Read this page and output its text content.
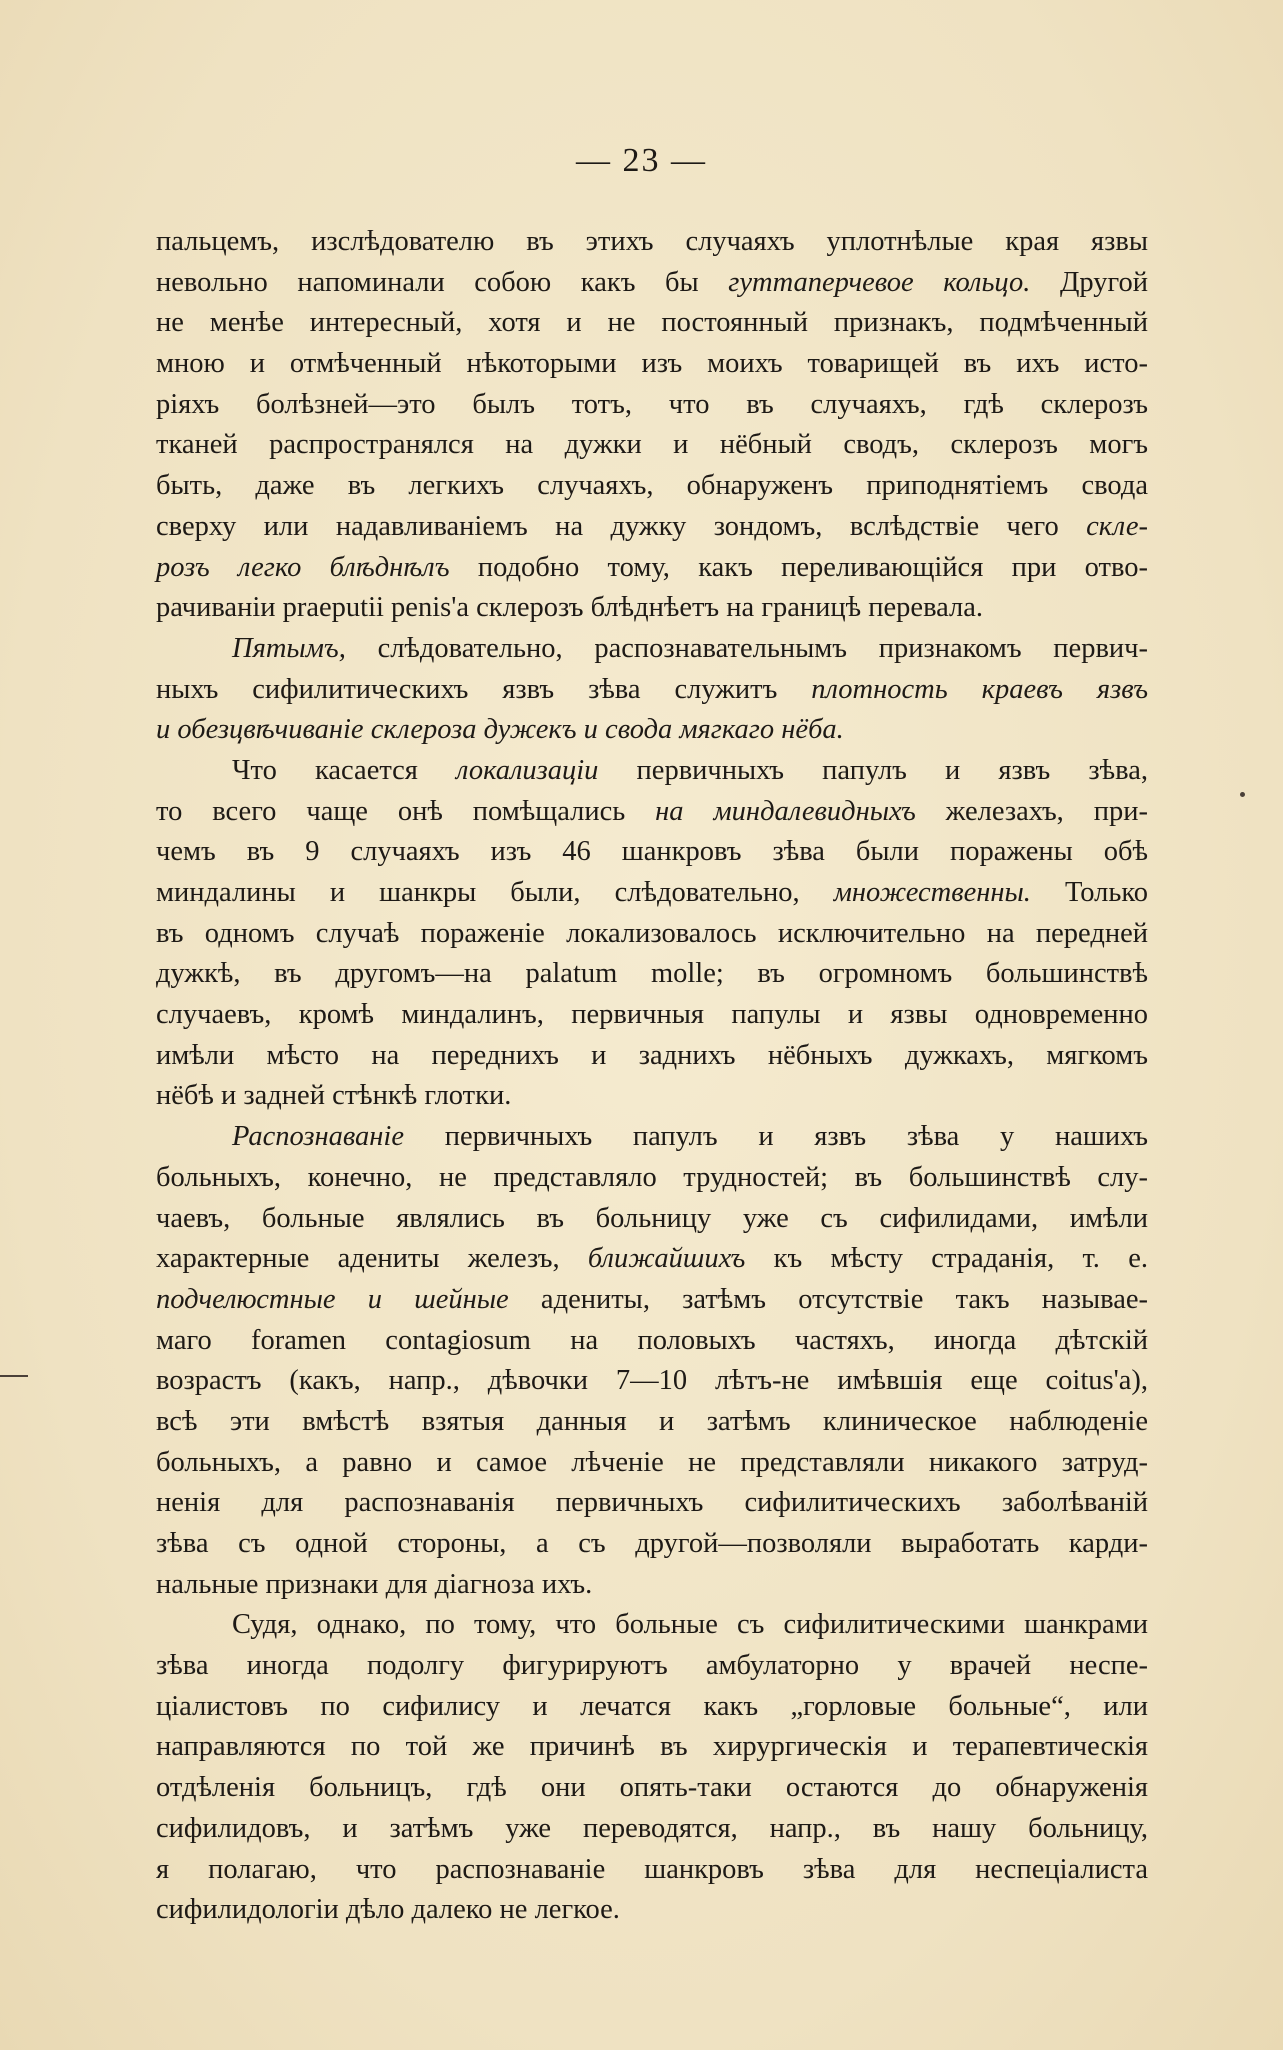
— 23 —
пальцемъ, изслѣдователю въ этихъ случаяхъ уплотнѣлые края язвы
невольно напоминали собою какъ бы гуттаперчевое кольцо. Другой
не менѣе интересный, хотя и не постоянный признакъ, подмѣченный
мною и отмѣченный нѣкоторыми изъ моихъ товарищей въ ихъ исто-
ріяхъ болѣзней—это былъ тотъ, что въ случаяхъ, гдѣ склерозъ
тканей распространялся на дужки и нёбный сводъ, склерозъ могъ
быть, даже въ легкихъ случаяхъ, обнаруженъ приподнятіемъ свода
сверху или надавливаніемъ на дужку зондомъ, вслѣдствіе чего скле-
розъ легко блѣднѣлъ подобно тому, какъ переливающійся при отво-
рачиваніи praeputii penis'a склерозъ блѣднѣетъ на границѣ перевала.
Пятымъ, слѣдовательно, распознавательнымъ признакомъ первич-
ныхъ сифилитическихъ язвъ зѣва служитъ плотность краевъ язвъ
и обезцвѣчиваніе склероза дужекъ и свода мягкаго нёба.
Что касается локализаціи первичныхъ папулъ и язвъ зѣва,
то всего чаще онѣ помѣщались на миндалевидныхъ железахъ, при-
чемъ въ 9 случаяхъ изъ 46 шанкровъ зѣва были поражены обѣ
миндалины и шанкры были, слѣдовательно, множественны. Только
въ одномъ случаѣ пораженіе локализовалось исключительно на передней
дужкѣ, въ другомъ—на palatum molle; въ огромномъ большинствѣ
случаевъ, кромѣ миндалинъ, первичныя папулы и язвы одновременно
имѣли мѣсто на переднихъ и заднихъ нёбныхъ дужкахъ, мягкомъ
нёбѣ и задней стѣнкѣ глотки.
Распознаваніе первичныхъ папулъ и язвъ зѣва у нашихъ
больныхъ, конечно, не представляло трудностей; въ большинствѣ слу-
чаевъ, больные являлись въ больницу уже съ сифилидами, имѣли
характерные адениты железъ, ближайшихъ къ мѣсту страданія, т. е.
подчелюстные и шейные адениты, затѣмъ отсутствіе такъ называе-
маго foramen contagiosum на половыхъ частяхъ, иногда дѣтскій
возрастъ (какъ, напр., дѣвочки 7—10 лѣтъ-не имѣвшія еще coitus'a),
всѣ эти вмѣстѣ взятыя данныя и затѣмъ клиническое наблюденіе
больныхъ, а равно и самое лѣченіе не представляли никакого затруд-
ненія для распознаванія первичныхъ сифилитическихъ заболѣваній
зѣва съ одной стороны, а съ другой—позволяли выработать карди-
нальные признаки для діагноза ихъ.
Судя, однако, по тому, что больные съ сифилитическими шанкрами
зѣва иногда подолгу фигурируютъ амбулаторно у врачей неспе-
ціалистовъ по сифилису и лечатся какъ „горловые больные“, или
направляются по той же причинѣ въ хирургическія и терапевтическія
отдѣленія больницъ, гдѣ они опять-таки остаются до обнаруженія
сифилидовъ, и затѣмъ уже переводятся, напр., въ нашу больницу,
я полагаю, что распознаваніе шанкровъ зѣва для неспеціалиста
сифилидологіи дѣло далеко не легкое.
